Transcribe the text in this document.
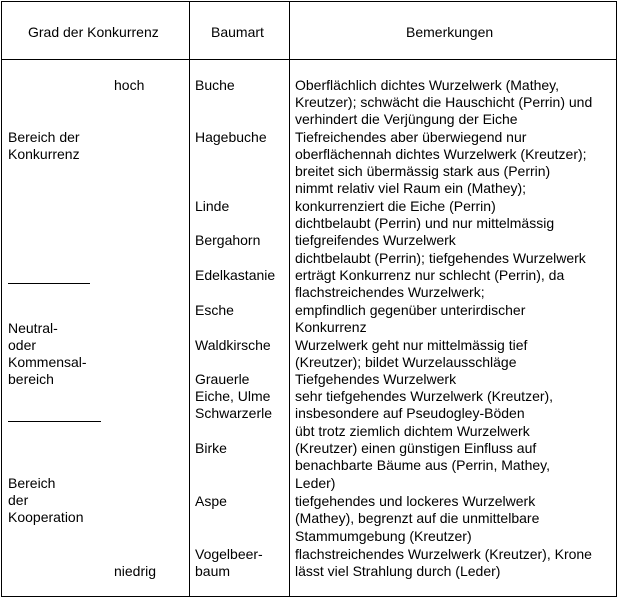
Grad der Konkurrenz	Baumart	Bemerkungen
hoch
niedrig
Bereich der
Konkurrenz
Neutral-
oder
Kommensal-
bereich
Bereich
der
Kooperation
Buche
Hagebuche
Linde
Bergahorn
Edelkastanie
Esche
Waldkirsche
Grauerle
Eiche, Ulme
Schwarzerle
Birke
Aspe
Vogelbeer-
baum
Oberflächlich dichtes Wurzelwerk (Mathey,
Kreutzer); schwächt die Hauschicht (Perrin) und
verhindert die Verjüngung der Eiche
Tiefreichendes aber überwiegend nur
oberflächennah dichtes Wurzelwerk (Kreutzer);
breitet sich übermässig stark aus (Perrin)
nimmt relativ viel Raum ein (Mathey);
konkurrenziert die Eiche (Perrin)
dichtbelaubt (Perrin) und nur mittelmässig
tiefgreifendes Wurzelwerk
dichtbelaubt (Perrin); tiefgehendes Wurzelwerk
erträgt Konkurrenz nur schlecht (Perrin), da
flachstreichendes Wurzelwerk;
empfindlich gegenüber unterirdischer
Konkurrenz
Wurzelwerk geht nur mittelmässig tief
(Kreutzer); bildet Wurzelausschläge
Tiefgehendes Wurzelwerk
sehr tiefgehendes Wurzelwerk (Kreutzer),
insbesondere auf Pseudogley-Böden
übt trotz ziemlich dichtem Wurzelwerk
(Kreutzer) einen günstigen Einfluss auf
benachbarte Bäume aus (Perrin, Mathey,
Leder)
tiefgehendes und lockeres Wurzelwerk
(Mathey), begrenzt auf die unmittelbare
Stammumgebung (Kreutzer)
flachstreichendes Wurzelwerk (Kreutzer), Krone
lässt viel Strahlung durch (Leder)
